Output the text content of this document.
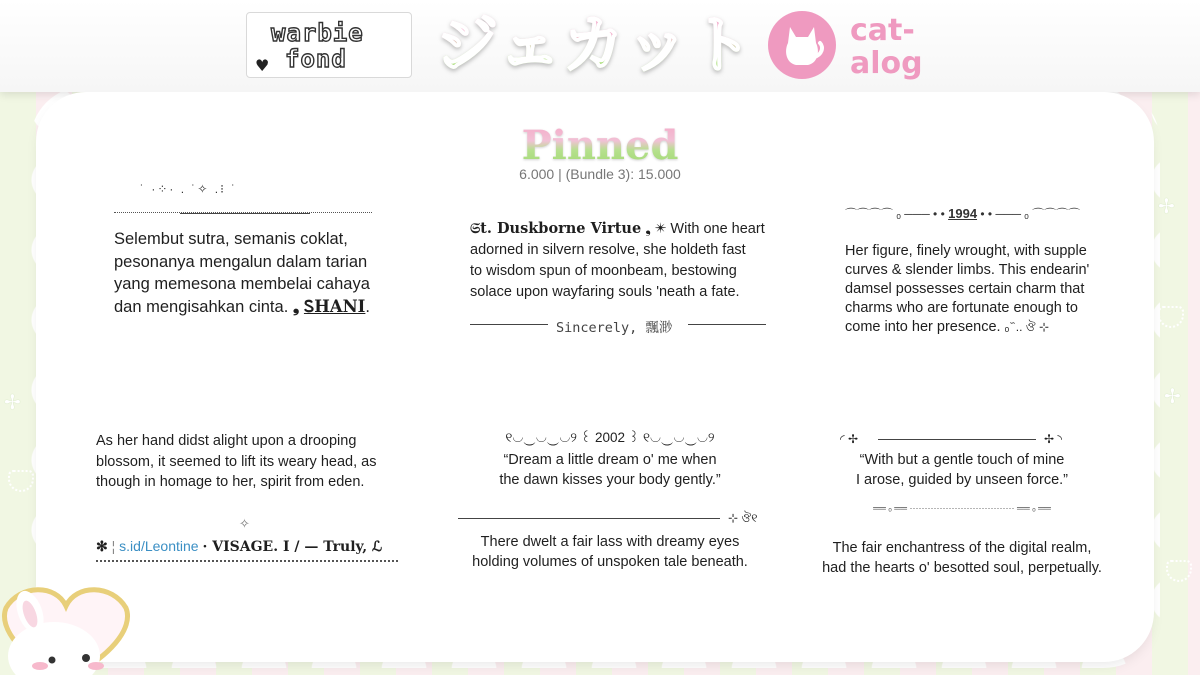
warbie
fond
♥	ジェカット	cat-
alog
✢
✢
✢
Pinned
6.000 | (Bundle 3): 15.000
˙ ·⁘· . ˙✧ .⁝ ˙
Selembut sutra, semanis coklat,
pesonanya mengalun dalam tarian
yang memesona membelai cahaya
dan mengisahkan cinta. ❟ ᏚHANI.
𝔖t. Duskborne Virtue ❟ ✴ With one heart
adorned in silvern resolve, she holdeth fast
to wisdom spun of moonbeam, bestowing
solace upon wayfaring souls 'neath a fate.
Sincerely, 飄渺
⌒⌒⌒⌒ ₒ ─── • • 1994 • • ─── ₒ ⌒⌒⌒⌒
Her figure, finely wrought, with supple
curves & slender limbs. This endearin'
damsel possesses certain charm that
charms who are fortunate enough to
come into her presence. ₒ ᷈ .. ঔ ⊹
As her hand didst alight upon a drooping
blossom, it seemed to lift its weary head, as
though in homage to her, spirit from eden.
✧
✻ ¦ s.id/Leontine · VISAGE. I / — Truly, ℒ
୧◡‿◡‿◡୨ ꒰ 2002 ꒱ ୧◡‿◡‿◡୨
“Dream a little dream o' me when
the dawn kisses your body gently.”
⊹ ঔ୧
There dwelt a fair lass with dreamy eyes
holding volumes of unspoken tale beneath.
◜ ✢	✢ ◝
“With but a gentle touch of mine
I arose, guided by unseen force.”
══ ₒ ══ ··································· ══ ₒ ══
The fair enchantress of the digital realm,
had the hearts o' besotted soul, perpetually.
